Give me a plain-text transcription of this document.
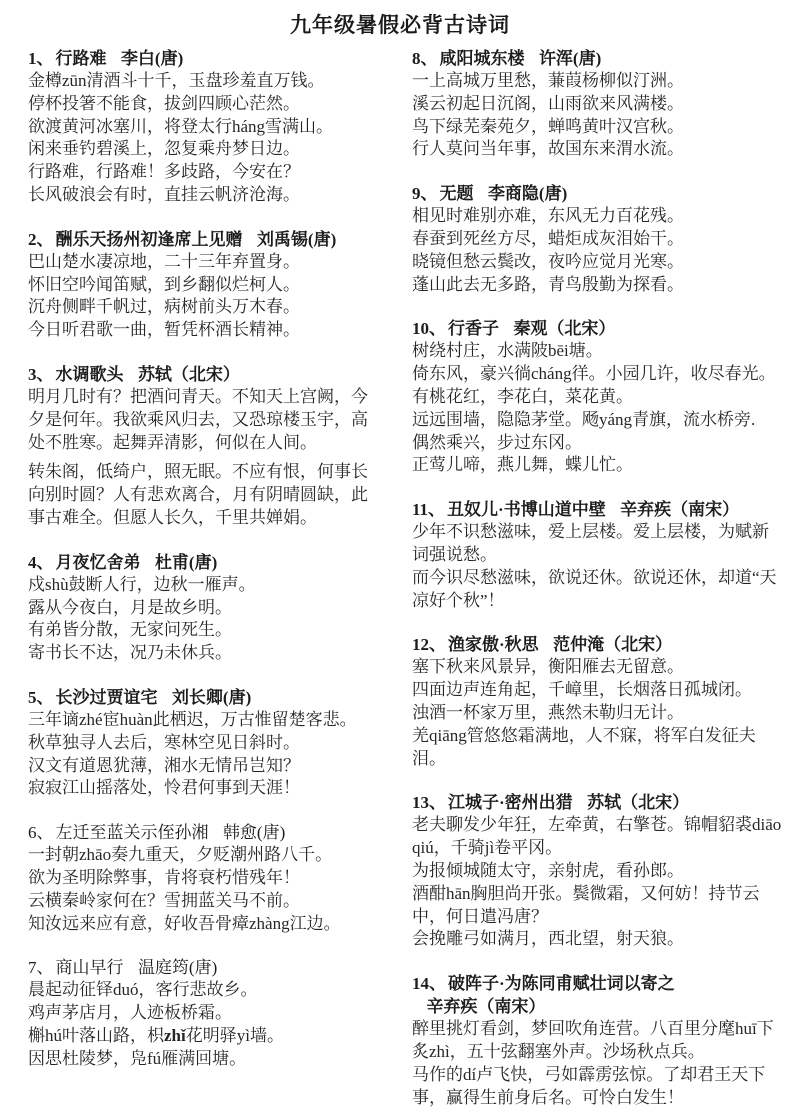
九年级暑假必背古诗词
1、 行路难 李白(唐)
金樽zūn清酒斗十千，玉盘珍羞直万钱。
停杯投箸不能食，拔剑四顾心茫然。
欲渡黄河冰塞川，将登太行háng雪满山。
闲来垂钓碧溪上，忽复乘舟梦日边。
行路难，行路难！多歧路，今安在？
长风破浪会有时，直挂云帆济沧海。
2、 酬乐天扬州初逢席上见赠 刘禹锡(唐)
巴山楚水凄凉地，二十三年弃置身。
怀旧空吟闻笛赋，到乡翻似烂柯人。
沉舟侧畔千帆过，病树前头万木春。
今日听君歌一曲，暂凭杯酒长精神。
3、 水调歌头 苏轼（北宋）
明月几时有？把酒问青天。不知天上宫阙，今夕是何年。我欲乘风归去，又恐琼楼玉宇，高处不胜寒。起舞弄清影，何似在人间。
转朱阁，低绮户，照无眠。不应有恨，何事长向别时圆？人有悲欢离合，月有阴晴圆缺，此事古难全。但愿人长久，千里共婵娟。
4、 月夜忆舍弟 杜甫(唐)
戍shù鼓断人行，边秋一雁声。
露从今夜白，月是故乡明。
有弟皆分散，无家问死生。
寄书长不达，况乃未休兵。
5、 长沙过贾谊宅 刘长卿(唐)
三年谪zhé宦huàn此栖迟，万古惟留楚客悲。
秋草独寻人去后，寒林空见日斜时。
汉文有道恩犹薄，湘水无情吊岂知？
寂寂江山摇落处，怜君何事到天涯！
6、 左迁至蓝关示侄孙湘 韩愈(唐)
一封朝zhāo奏九重天，夕贬潮州路八千。
欲为圣明除弊事，肯将衰朽惜残年！
云横秦岭家何在？雪拥蓝关马不前。
知汝远来应有意，好收吾骨瘴zhàng江边。
7、 商山早行 温庭筠(唐)
晨起动征铎duó，客行悲故乡。
鸡声茅店月，人迹板桥霜。
槲hú叶落山路，枳zhǐ花明驿yì墙。
因思杜陵梦，凫fú雁满回塘。
8、 咸阳城东楼 许浑(唐)
一上高城万里愁，蒹葭杨柳似汀洲。
溪云初起日沉阁，山雨欲来风满楼。
鸟下绿芜秦苑夕，蝉鸣黄叶汉宫秋。
行人莫问当年事，故国东来渭水流。
9、 无题 李商隐(唐)
相见时难别亦难，东风无力百花残。
春蚕到死丝方尽，蜡炬成灰泪始干。
晓镜但愁云鬓改，夜吟应觉月光寒。
蓬山此去无多路，青鸟殷勤为探看。
10、 行香子 秦观（北宋）
树绕村庄，水满陂bēi塘。
倚东风，豪兴徜cháng徉。小园几许，收尽春光。
有桃花红，李花白，菜花黄。
远远围墙，隐隐茅堂。飏yáng青旗，流水桥旁.
偶然乘兴，步过东冈。
正莺儿啼，燕儿舞，蝶儿忙。
11、 丑奴儿·书博山道中壁 辛弃疾（南宋）
少年不识愁滋味，爱上层楼。爱上层楼，为赋新词强说愁。
而今识尽愁滋味，欲说还休。欲说还休，却道“天凉好个秋”！
12、 渔家傲·秋思 范仲淹（北宋）
塞下秋来风景异，衡阳雁去无留意。
四面边声连角起，千嶂里，长烟落日孤城闭。
浊酒一杯家万里，燕然未勒归无计。
羌qiāng管悠悠霜满地，人不寐，将军白发征夫泪。
13、 江城子·密州出猎 苏轼（北宋）
老夫聊发少年狂，左牵黄，右擎苍。锦帽貂裘diāo qiú，千骑jì卷平冈。
为报倾城随太守，亲射虎，看孙郎。
酒酣hān胸胆尚开张。鬓微霜，又何妨！持节云中，何日遣冯唐？
会挽雕弓如满月，西北望，射天狼。
14、 破阵子·为陈同甫赋壮词以寄之辛弃疾（南宋）
醉里挑灯看剑，梦回吹角连营。八百里分麾huī下炙zhì，五十弦翻塞外声。沙场秋点兵。
马作的dí卢飞快，弓如霹雳弦惊。了却君王天下事，赢得生前身后名。可怜白发生！
